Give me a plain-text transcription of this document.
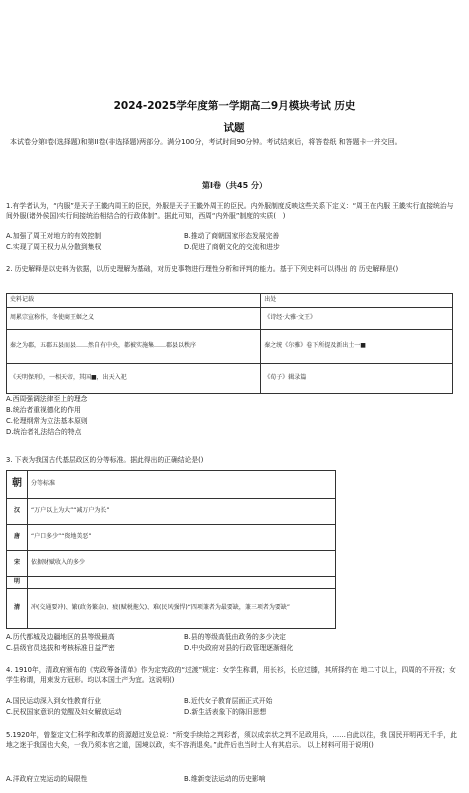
2024-2025学年度第一学期高二9月模块考试 历史
试题
本试卷分第I卷(选择题)和第II卷(非选择题)两部分。满分100分，考试时间90分钟。考试结束后，将答卷纸 和答题卡一并交回。
第I卷（共45 分）
1.有学者认为，“内服”是天子王畿内周王的臣民，外服是天子王畿外周王的臣民。内外服制度反映这些关系下定义：“周王在内服 王畿实行直接统治与间外服(诸外侯国)实行间接统治相结合的行政体制”。据此可知，西周“内外服”制度的实质(　)
A.加强了周王对地方的有效控制	B.推动了商朝国家形态发展完善
C.实现了周王权力从分散到集权	D.促进了商朝文化的交流和进步
2. 历史解释是以史料为依据，以历史理解为基础，对历史事物进行理性分析和评判的能力。基于下列史料可以得出 的 历史解释是()
史料记载	出处
周累宗宣称作，冬使商王姬之义	《诗经·大雅·文王》
秦之为郡，五郡五县而县……然自有中央，都被实施集……郡县以秩序	秦之统《尔雅》卷下所提及新出土一■
《天明保刑》，一相天帝，其国■，出天入祀	《荀子》辑录篇
A.西周强调法律至上的理念
B.统治者重视德化的作用
C.伦理纲常为立法基本原则
D.统治者礼法结合的特点
3. 下表为我国古代基层政区的分等标准。据此得出的正确结论是()
朝	分等标准
汉	“万户以上为大”“减万户为长”
唐	“户口多少”“资地美恶”
宋	依据财赋收入的多少
明	
清	冲(交通要冲)、繁(政务繁杂)、疲(赋税拖欠)、难(民风强悍)“四项兼者为最要缺，兼三项者为要缺”
A.历代都城及边疆地区的县等级最高	B.县的等级高低由政务的多少决定
C.县级官员选拔和考核标准日益严密	D.中央政府对县的行政管理逐渐细化
4. 1910年，清政府颁布的《宪政筹备清单》作为定宪政的“过渡”规定：女学生称谓，用长衫，长应过膝，其所择约在 地二寸以上，四周的不开衩；女学生称谓，用束发方冠形。均以本国土产为宜。这说明()
A.国民运动深入到女性教育行业	B.近代女子教育层面正式开始
C.民权国家意识的觉醒及妇女解放运动	D.新生活表象下的陈旧思想
5.1920年，曾鉴定文仁科学和改革的资源超过发总说：“所变手续给之判彩者，须以成亲状之判不足政用兵，……自此以往，我 国民开明再无千手，此地之迷于我国也大矣，一我乃须本官之道，国境以政，实不容消退矣。”此件后也当时士人有其启示。 以上材料可用于说明()
A.洋政府立宪运动的局限性	B.维新变法运动的历史影响
